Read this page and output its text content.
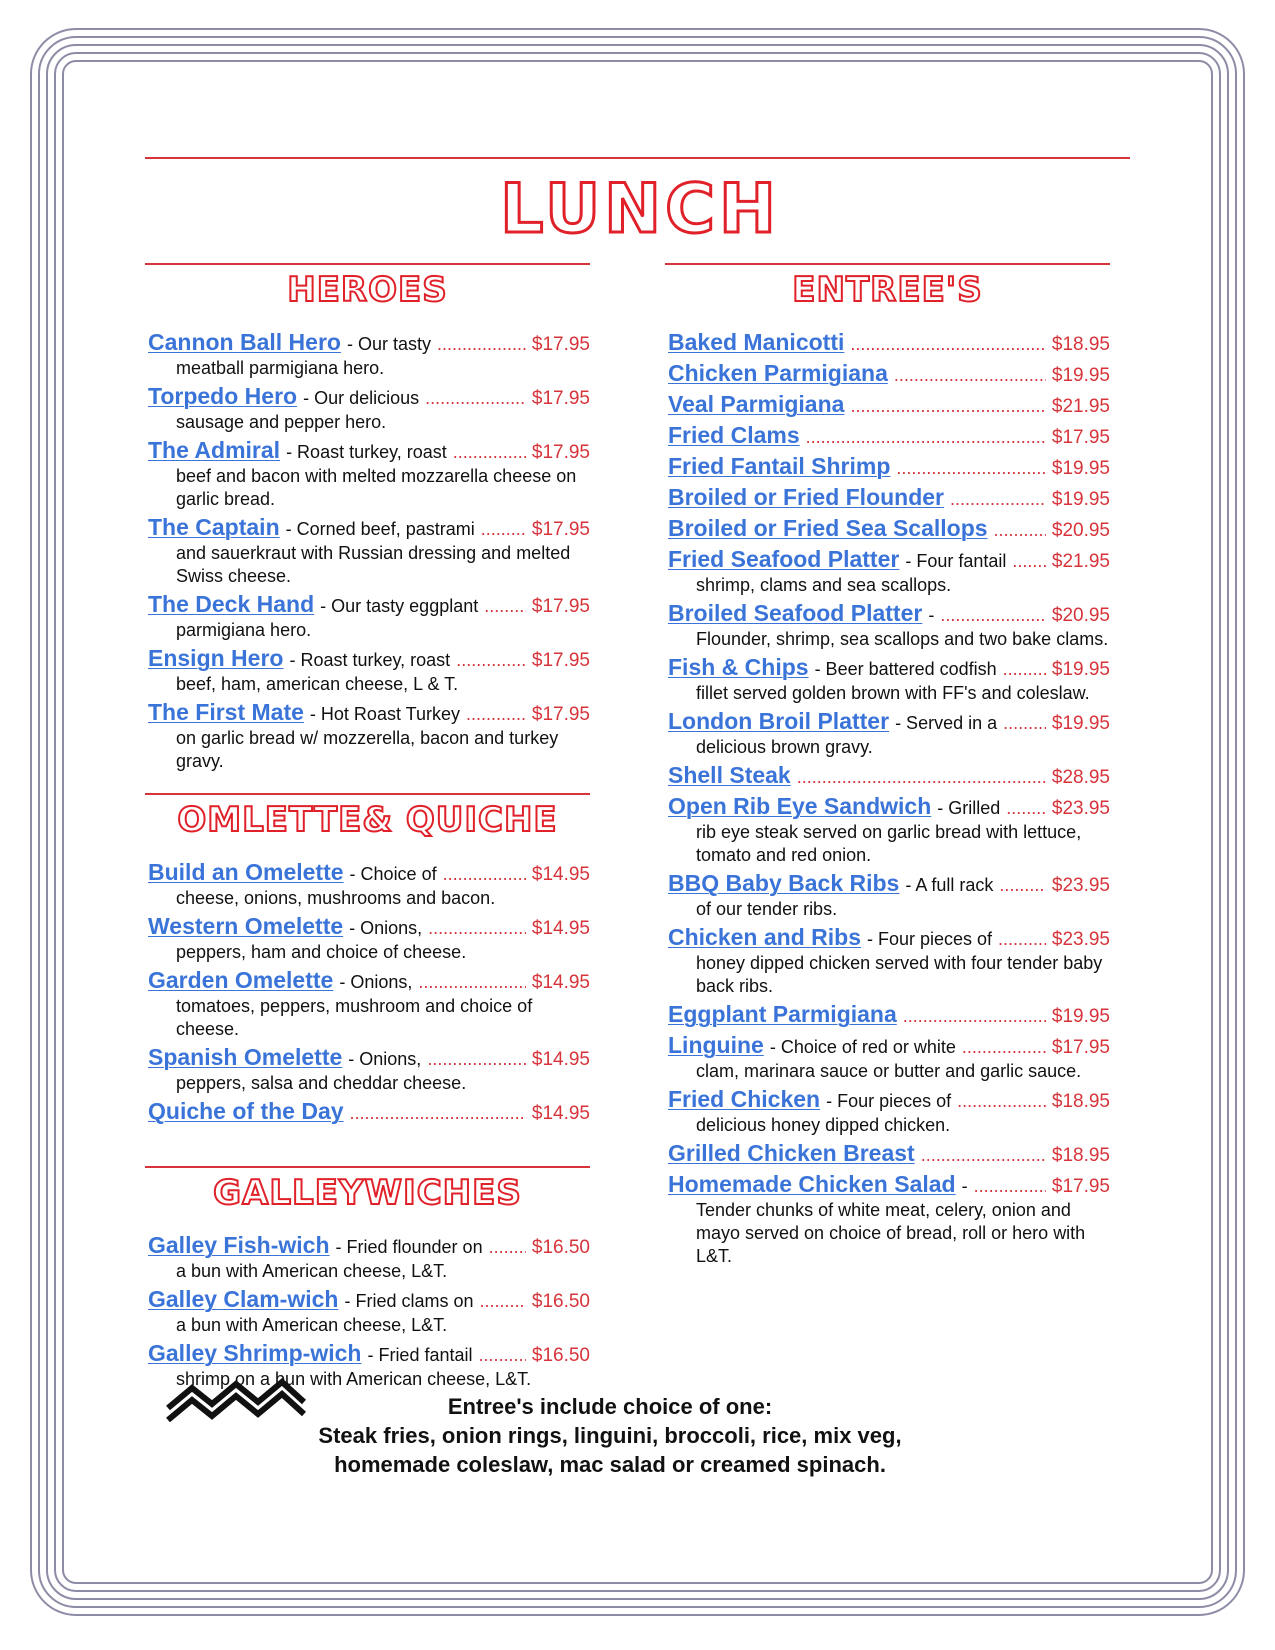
LUNCH
HEROES
Cannon Ball Hero - Our tasty .....	$17.95
meatball parmigiana hero.
Torpedo Hero - Our delicious .....	$17.95
sausage and pepper hero.
The Admiral - Roast turkey, roast .....	$17.95
beef and bacon with melted mozzarella cheese on garlic bread.
The Captain - Corned beef, pastrami .....	$17.95
and sauerkraut with Russian dressing and melted Swiss cheese.
The Deck Hand - Our tasty eggplant .....	$17.95
parmigiana hero.
Ensign Hero - Roast turkey, roast .....	$17.95
beef, ham, american cheese, L & T.
The First Mate - Hot Roast Turkey .....	$17.95
on garlic bread w/ mozzerella, bacon and turkey gravy.
OMLETTE& QUICHE
Build an Omelette - Choice of .....	$14.95
cheese, onions, mushrooms and bacon.
Western Omelette - Onions, .....	$14.95
peppers, ham and choice of cheese.
Garden Omelette - Onions, .....	$14.95
tomatoes, peppers, mushroom and choice of cheese.
Spanish Omelette - Onions, .....	$14.95
peppers, salsa and cheddar cheese.
Quiche of the Day .....	$14.95
GALLEYWICHES
Galley Fish-wich - Fried flounder on .....	$16.50
a bun with American cheese, L&T.
Galley Clam-wich - Fried clams on .....	$16.50
a bun with American cheese, L&T.
Galley Shrimp-wich - Fried fantail .....	$16.50
shrimp on a bun with American cheese, L&T.
ENTREE'S
Baked Manicotti .....	$18.95
Chicken Parmigiana .....	$19.95
Veal Parmigiana .....	$21.95
Fried Clams .....	$17.95
Fried Fantail Shrimp .....	$19.95
Broiled or Fried Flounder .....	$19.95
Broiled or Fried Sea Scallops .....	$20.95
Fried Seafood Platter - Four fantail ..... $21.95
shrimp, clams and sea scallops.
Broiled Seafood Platter - .....	$20.95
Flounder, shrimp, sea scallops and two bake clams.
Fish & Chips - Beer battered codfish .....	$19.95
fillet served golden brown with FF's and coleslaw.
London Broil Platter - Served in a .....	$19.95
delicious brown gravy.
Shell Steak .....	$28.95
Open Rib Eye Sandwich - Grilled .....	$23.95
rib eye steak served on garlic bread with lettuce, tomato and red onion.
BBQ Baby Back Ribs - A full rack .....	$23.95
of our tender ribs.
Chicken and Ribs - Four pieces of .....	$23.95
honey dipped chicken served with four tender baby back ribs.
Eggplant Parmigiana .....	$19.95
Linguine - Choice of red or white .....	$17.95
clam, marinara sauce or butter and garlic sauce.
Fried Chicken - Four pieces of .....	$18.95
delicious honey dipped chicken.
Grilled Chicken Breast .....	$18.95
Homemade Chicken Salad - .....	$17.95
Tender chunks of white meat, celery, onion and mayo served on choice of bread, roll or hero with L&T.
Entree's include choice of one:
Steak fries, onion rings, linguini, broccoli, rice, mix veg,
homemade coleslaw, mac salad or creamed spinach.
